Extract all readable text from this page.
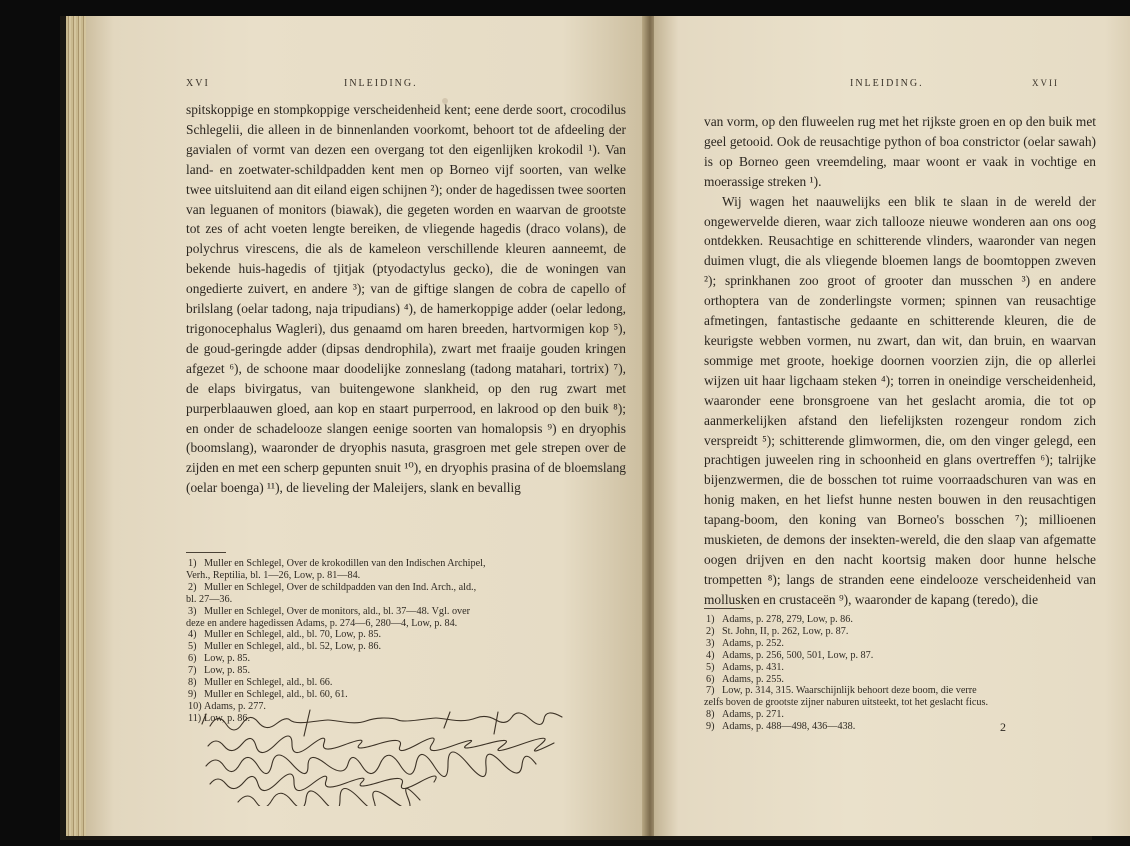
XVI	INLEIDING.

spitskoppige en stompkoppige verscheidenheid kent; eene derde soort, crocodilus Schlegelii, die alleen in de binnenlanden voorkomt, behoort tot de afdeeling der gavialen of vormt van dezen een overgang tot den eigenlijken krokodil ¹). Van land- en zoetwater-schildpadden kent men op Borneo vijf soorten, van welke twee uitsluitend aan dit eiland eigen schijnen ²); onder de hagedissen twee soorten van leguanen of monitors (biawak), die gegeten worden en waarvan de grootste tot zes of acht voeten lengte bereiken, de vliegende hagedis (draco volans), de polychrus virescens, die als de kameleon verschillende kleuren aanneemt, de bekende huis-hagedis of tjitjak (ptyodactylus gecko), die de woningen van ongedierte zuivert, en andere ³); van de giftige slangen de cobra de capello of brilslang (oelar tadong, naja tripudians) ⁴), de hamerkoppige adder (oelar ledong, trigonocephalus Wagleri), dus genaamd om haren breeden, hartvormigen kop ⁵), de goud-geringde adder (dipsas dendrophila), zwart met fraaije gouden kringen afgezet ⁶), de schoone maar doodelijke zonneslang (tadong matahari, tortrix) ⁷), de elaps bivirgatus, van buitengewone slankheid, op den rug zwart met purperblaauwen gloed, aan kop en staart purperrood, en lakrood op den buik ⁸); en onder de schadelooze slangen eenige soorten van homalopsis ⁹) en dryophis (boomslang), waaronder de dryophis nasuta, grasgroen met gele strepen over de zijden en met een scherp gepunten snuit ¹⁰), en dryophis prasina of de bloemslang (oelar boenga) ¹¹), de lieveling der Maleijers, slank en bevallig

1) Muller en Schlegel, Over de krokodillen van den Indischen Archipel,
Verh., Reptilia, bl. 1—26, Low, p. 81—84.
2) Muller en Schlegel, Over de schildpadden van den Ind. Arch., ald.,
bl. 27—36.
3) Muller en Schlegel, Over de monitors, ald., bl. 37—48. Vgl. over
deze en andere hagedissen Adams, p. 274—6, 280—4, Low, p. 84.
4) Muller en Schlegel, ald., bl. 70, Low, p. 85.
5) Muller en Schlegel, ald., bl. 52, Low, p. 86.
6) Low, p. 85.
7) Low, p. 85.
8) Muller en Schlegel, ald., bl. 66.
9) Muller en Schlegel, ald., bl. 60, 61.
10) Adams, p. 277.
11) Low, p. 86.
INLEIDING.	XVII

van vorm, op den fluweelen rug met het rijkste groen en op den buik met geel getooid. Ook de reusachtige python of boa constrictor (oelar sawah) is op Borneo geen vreemdeling, maar woont er vaak in vochtige en moerassige streken ¹).

Wij wagen het naauwelijks een blik te slaan in de wereld der ongewervelde dieren, waar zich tallooze nieuwe wonderen aan ons oog ontdekken. Reusachtige en schitterende vlinders, waaronder van negen duimen vlugt, die als vliegende bloemen langs de boomtoppen zweven ²); sprinkhanen zoo groot of grooter dan musschen ³) en andere orthoptera van de zonderlingste vormen; spinnen van reusachtige afmetingen, fantastische gedaante en schitterende kleuren, die de keurigste webben vormen, nu zwart, dan wit, dan bruin, en waarvan sommige met groote, hoekige doornen voorzien zijn, die op allerlei wijzen uit haar ligchaam steken ⁴); torren in oneindige verscheidenheid, waaronder eene bronsgroene van het geslacht aromia, die tot op aanmerkelijken afstand den liefelijksten rozengeur rondom zich verspreidt ⁵); schitterende glimwormen, die, om den vinger gelegd, een prachtigen juweelen ring in schoonheid en glans overtreffen ⁶); talrijke bijenzwermen, die de bosschen tot ruime voorraadschuren van was en honig maken, en het liefst hunne nesten bouwen in den reusachtigen tapang-boom, den koning van Borneo's bosschen ⁷); millioenen muskieten, de demons der insekten-wereld, die den slaap van afgematte oogen drijven en den nacht koortsig maken door hunne helsche trompetten ⁸); langs de stranden eene eindelooze verscheidenheid van mollusken en crustaceën ⁹), waaronder de kapang (teredo), die

1) Adams, p. 278, 279, Low, p. 86.
2) St. John, II, p. 262, Low, p. 87.
3) Adams, p. 252.
4) Adams, p. 256, 500, 501, Low, p. 87.
5) Adams, p. 431.
6) Adams, p. 255.
7) Low, p. 314, 315. Waarschijnlijk behoort deze boom, die verre
zelfs boven de grootste zijner naburen uitsteekt, tot het geslacht ficus.
8) Adams, p. 271.
9) Adams, p. 488—498, 436—438.	2
